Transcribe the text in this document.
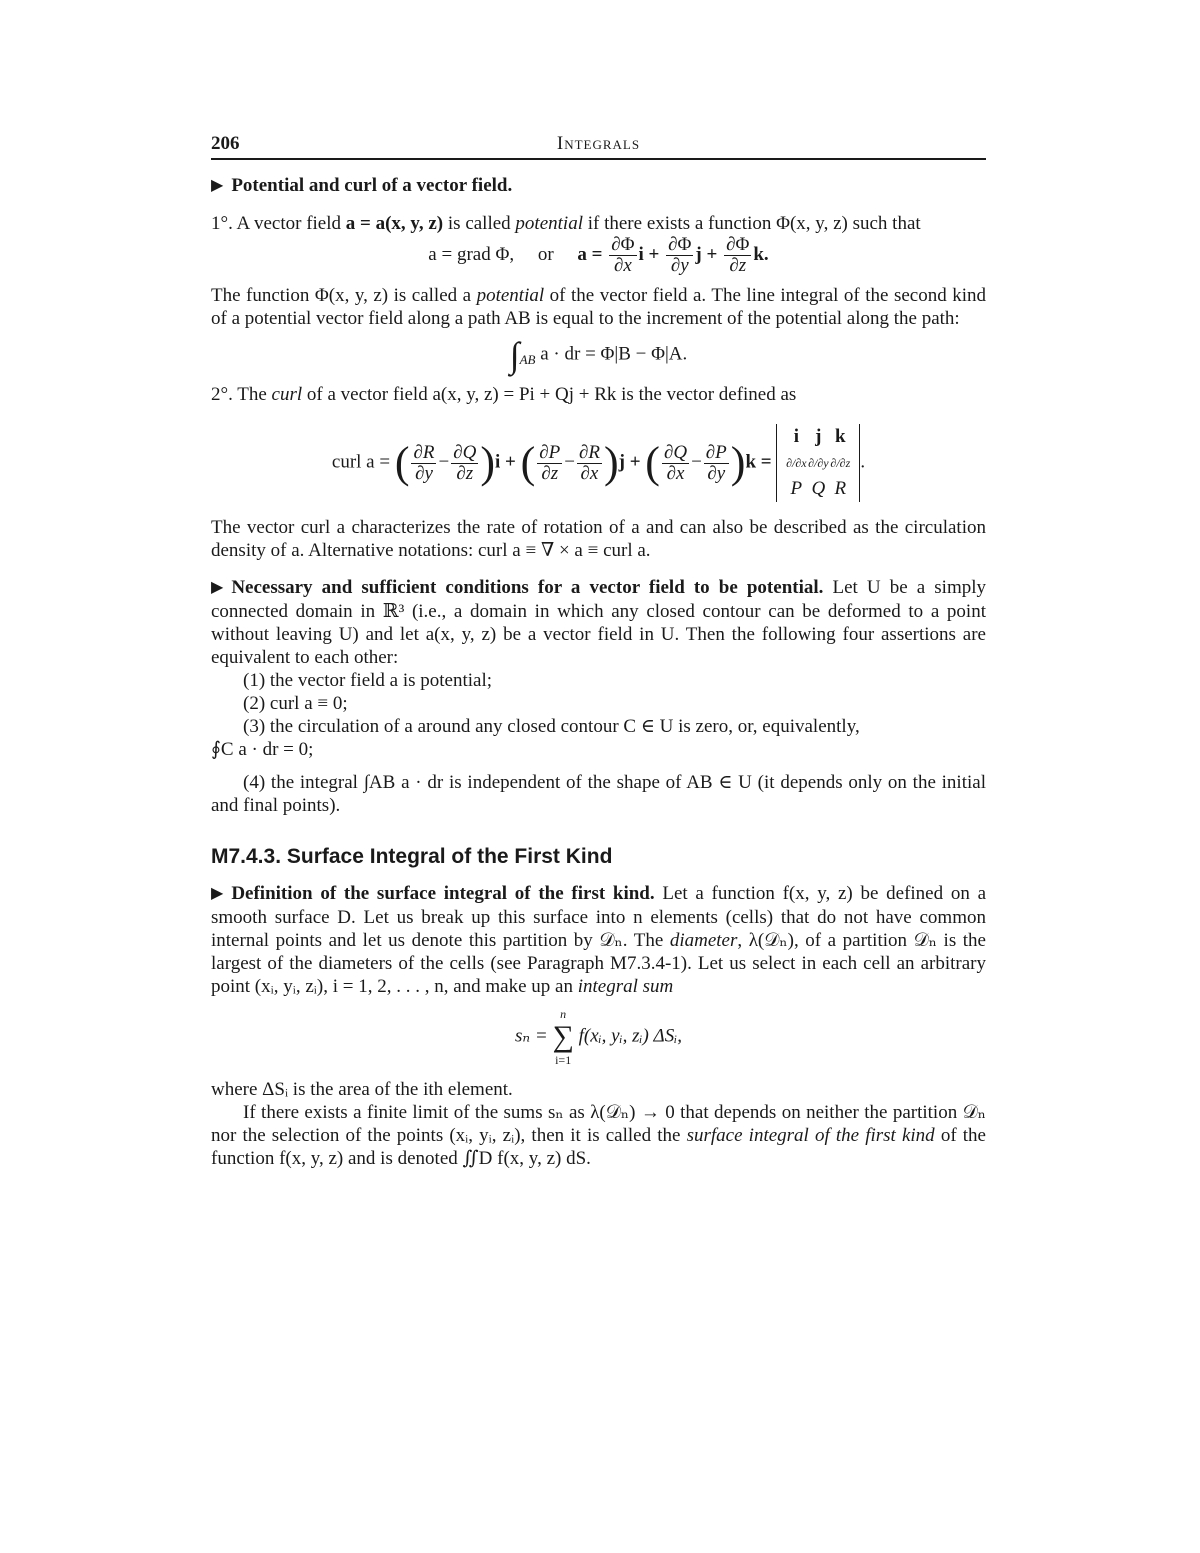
206	Integrals

▶ Potential and curl of a vector field.

1°. A vector field a = a(x, y, z) is called potential if there exists a function Φ(x, y, z) such that

a = grad Φ, or $a = \frac{\partial\Phi}{\partial x}$ $i + \frac{\partial\Phi}{\partial y}$ $j + \frac{\partial\Phi}{\partial z} k$.

The function Φ(x, y, z) is called a potential of the vector field a. The line integral of the second kind of a potential vector field along a path AB is equal to the increment of the potential along the path:

$\int_{AB}$ a · dr = Φ|B − Φ|A.

2°. The curl of a vector field a(x, y, z) = Pi + Qj + Rk is the vector defined as

curl a = ( $\frac{\partial R}{\partial y} - \frac{\partial Q}{\partial z} )i$ + ( $\frac{\partial P}{\partial z} - \frac{\partial R}{\partial x} )j$ + ( $\frac{\partial Q}{\partial x} - \frac{\partial P}{\partial y} )k$ =
i j k
∂/∂x∂/∂y ∂/∂z
P Q R
.

The vector curl a characterizes the rate of rotation of a and can also be described as the circulation density of a. Alternative notations: curl a ≡ ∇ × a ≡ curl a.

▶ Necessary and sufficient conditions for a vector field to be potential. Let U be a simply connected domain in ℝ³ (i.e., a domain in which any closed contour can be deformed to a point without leaving U) and let a(x, y, z) be a vector field in U. Then the following four assertions are equivalent to each other:

(1) the vector field a is potential;

(2) curl a ≡ 0;

(3) the circulation of a around any closed contour C ∈ U is zero, or, equivalently,

∮C a · dr = 0;

(4) the integral ∫AB a · dr is independent of the shape of AB ∈ U (it depends only on the initial and final points).

M7.4.3. Surface Integral of the First Kind

▶ Definition of the surface integral of the first kind. Let a function f(x, y, z) be defined on a smooth surface D. Let us break up this surface into n elements (cells) that do not have common internal points and let us denote this partition by 𝒟ₙ. The diameter, λ(𝒟ₙ), of a partition 𝒟ₙ is the largest of the diameters of the cells (see Paragraph M7.3.4-1). Let us select in each cell an arbitrary point (xᵢ, yᵢ, zᵢ), i = 1, 2, . . . , n, and make up an integral sum

sₙ =
n
∑
i=1
f(xᵢ, yᵢ, zᵢ) ΔSᵢ,

where ΔSᵢ is the area of the ith element.

If there exists a finite limit of the sums sₙ as λ(𝒟ₙ) → 0 that depends on neither the partition 𝒟ₙ nor the selection of the points (xᵢ, yᵢ, zᵢ), then it is called the surface integral of the first kind of the function f(x, y, z) and is denoted ∬D f(x, y, z) dS.
